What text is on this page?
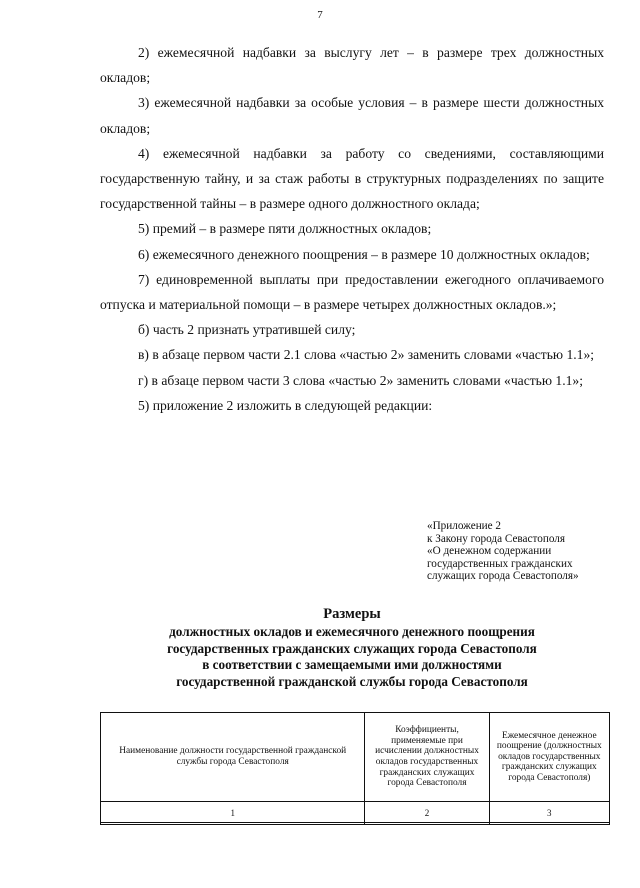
7

2) ежемесячной надбавки за выслугу лет – в размере трех должностных окладов;

3) ежемесячной надбавки за особые условия – в размере шести должностных окладов;

4) ежемесячной надбавки за работу со сведениями, составляющими государственную тайну, и за стаж работы в структурных подразделениях по защите государственной тайны – в размере одного должностного оклада;

5) премий – в размере пяти должностных окладов;

6) ежемесячного денежного поощрения – в размере 10 должностных окладов;

7) единовременной выплаты при предоставлении ежегодного оплачиваемого отпуска и материальной помощи – в размере четырех должностных окладов.»;

б) часть 2 признать утратившей силу;

в) в абзаце первом части 2.1 слова «частью 2» заменить словами «частью 1.1»;

г) в абзаце первом части 3 слова «частью 2» заменить словами «частью 1.1»;

5) приложение 2 изложить в следующей редакции:

«Приложение 2
к Закону города Севастополя
«О денежном содержании
государственных гражданских
служащих города Севастополя»
Размеры
должностных окладов и ежемесячного денежного поощрения
государственных гражданских служащих города Севастополя
в соответствии с замещаемыми ими должностями
государственной гражданской службы города Севастополя
Наименование должности государственной гражданской службы города Севастополя	Коэффициенты, применяемые при исчислении должностных окладов государственных гражданских служащих города Севастополя	Ежемесячное денежное поощрение (должностных окладов государственных гражданских служащих города Севастополя)
1	2	3
